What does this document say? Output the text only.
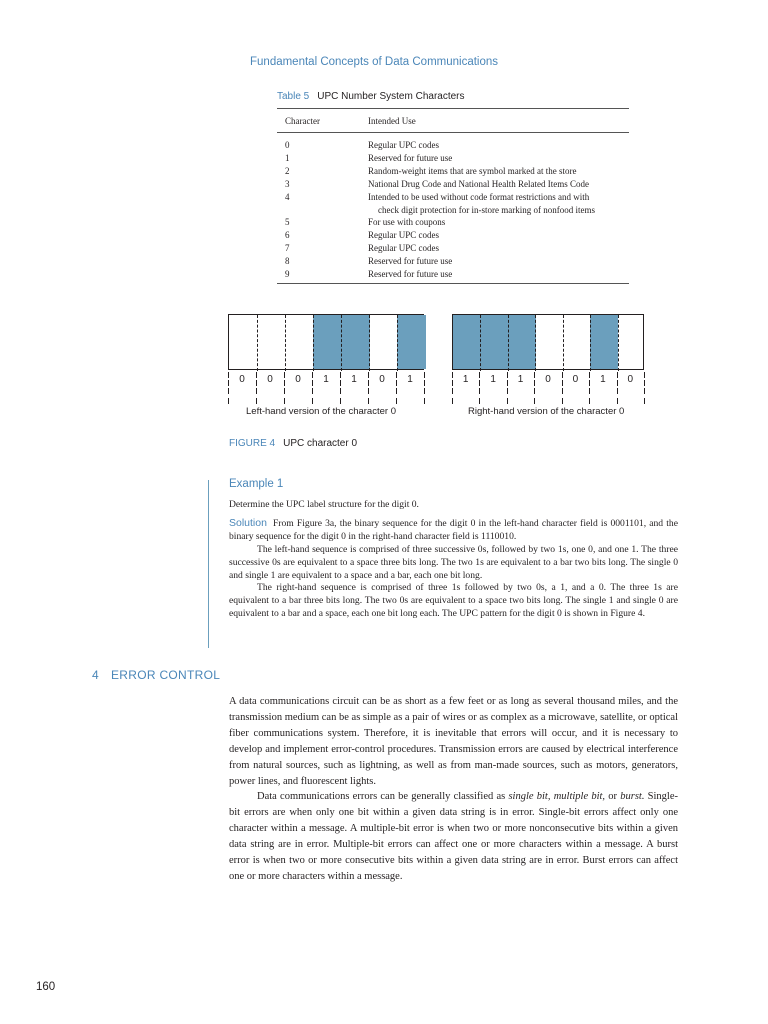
Fundamental Concepts of Data Communications
Table 5 UPC Number System Characters
Character	Intended Use
0	Regular UPC codes
1	Reserved for future use
2	Random-weight items that are symbol marked at the store
3	National Drug Code and National Health Related Items Code
4	Intended to be used without code format restrictions and with
check digit protection for in-store marking of nonfood items
5	For use with coupons
6	Regular UPC codes
7	Regular UPC codes
8	Reserved for future use
9	Reserved for future use
0 0 0 1 1 0 1	1 1 1 0 0 1 0
Left-hand version of the character 0	Right-hand version of the character 0
FIGURE 4 UPC character 0
Example 1

Determine the UPC label structure for the digit 0.

Solution From Figure 3a, the binary sequence for the digit 0 in the left-hand character field is 0001101, and the binary sequence for the digit 0 in the right-hand character field is 1110010.

The left-hand sequence is comprised of three successive 0s, followed by two 1s, one 0, and one 1. The three successive 0s are equivalent to a space three bits long. The two 1s are equivalent to a bar two bits long. The single 0 and single 1 are equivalent to a space and a bar, each one bit long.

The right-hand sequence is comprised of three 1s followed by two 0s, a 1, and a 0. The three 1s are equivalent to a bar three bits long. The two 0s are equivalent to a space two bits long. The single 1 and single 0 are equivalent to a bar and a space, each one bit long each. The UPC pattern for the digit 0 is shown in Figure 4.

4 ERROR CONTROL

A data communications circuit can be as short as a few feet or as long as several thousand miles, and the transmission medium can be as simple as a pair of wires or as complex as a microwave, satellite, or optical fiber communications system. Therefore, it is inevitable that errors will occur, and it is necessary to develop and implement error-control procedures. Transmission errors are caused by electrical interference from natural sources, such as lightning, as well as from man-made sources, such as motors, generators, power lines, and fluorescent lights.

Data communications errors can be generally classified as single bit, multiple bit, or burst. Single-bit errors are when only one bit within a given data string is in error. Single-bit errors affect only one character within a message. A multiple-bit error is when two or more nonconsecutive bits within a given data string are in error. Multiple-bit errors can affect one or more characters within a message. A burst error is when two or more consecutive bits within a given data string are in error. Burst errors can affect one or more characters within a message.

160
